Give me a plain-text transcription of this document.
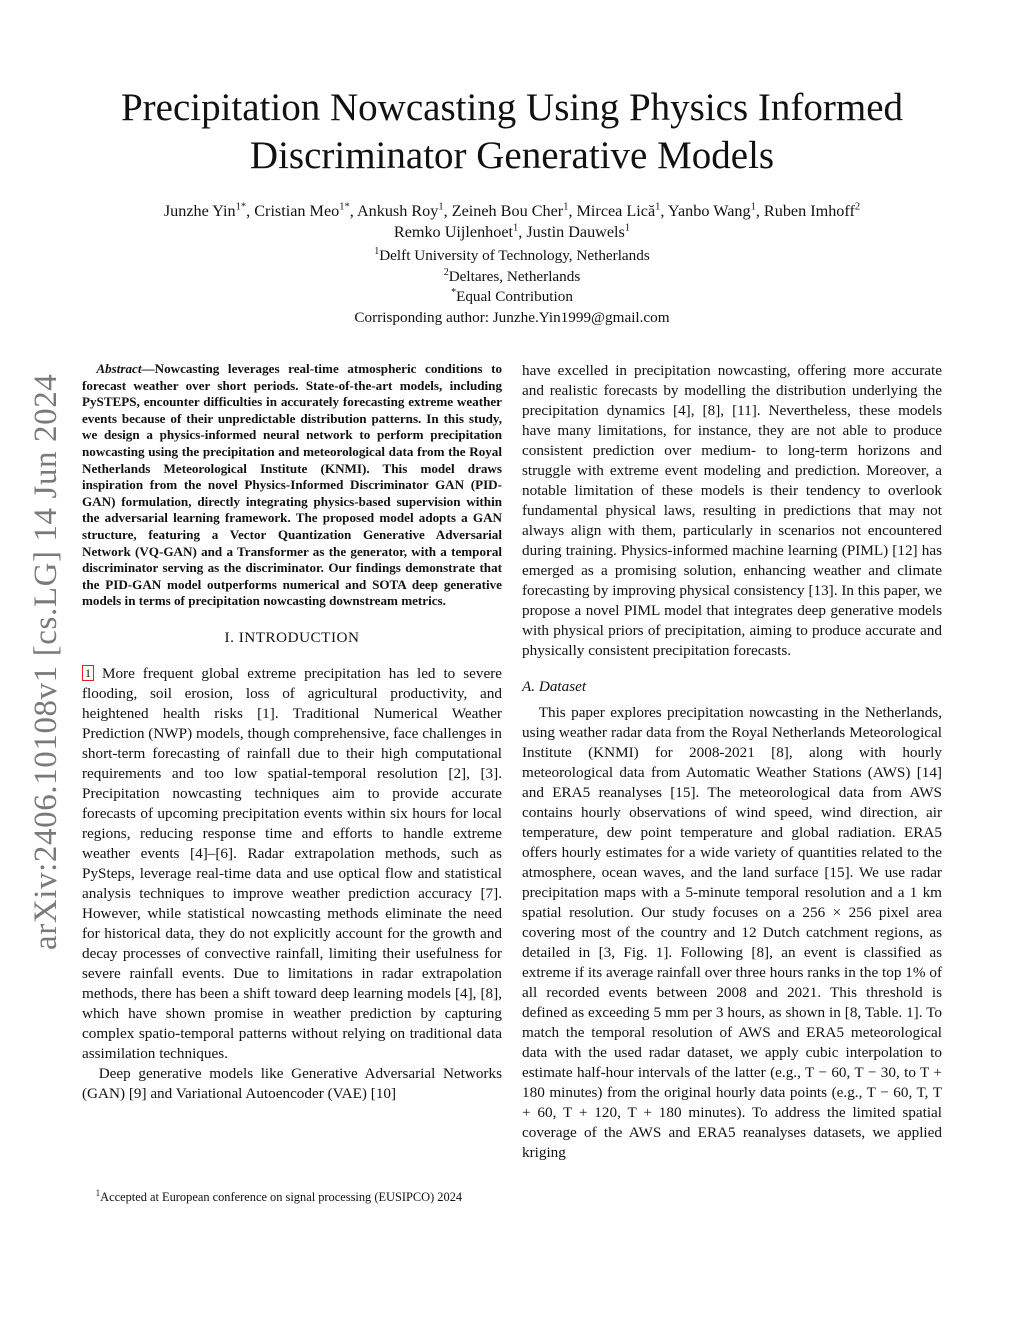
Precipitation Nowcasting Using Physics Informed
Discriminator Generative Models
Junzhe Yin$^{1*}$, Cristian Meo$^{1*}$, Ankush Roy$^1$, Zeineh Bou Cher$^1$, Mircea Lică$^1$, Yanbo Wang$^1$, Ruben Imhoff$^2$
Remko Uijlenhoet$^1$, Justin Dauwels$^1$
$^1$Delft University of Technology, Netherlands
$^2$Deltares, Netherlands
*Equal Contribution
Corrisponding author: Junzhe.Yin1999@gmail.com
arXiv:2406.10108v1 [cs.LG] 14 Jun 2024

Abstract—Nowcasting leverages real-time atmospheric conditions to forecast weather over short periods. State-of-the-art models, including PySTEPS, encounter difficulties in accurately forecasting extreme weather events because of their unpredictable distribution patterns. In this study, we design a physics-informed neural network to perform precipitation nowcasting using the precipitation and meteorological data from the Royal Netherlands Meteorological Institute (KNMI). This model draws inspiration from the novel Physics-Informed Discriminator GAN (PID-GAN) formulation, directly integrating physics-based supervision within the adversarial learning framework. The proposed model adopts a GAN structure, featuring a Vector Quantization Generative Adversarial Network (VQ-GAN) and a Transformer as the generator, with a temporal discriminator serving as the discriminator. Our findings demonstrate that the PID-GAN model outperforms numerical and SOTA deep generative models in terms of precipitation nowcasting downstream metrics.

I. INTRODUCTION

1 More frequent global extreme precipitation has led to severe flooding, soil erosion, loss of agricultural productivity, and heightened health risks [1]. Traditional Numerical Weather Prediction (NWP) models, though comprehensive, face challenges in short-term forecasting of rainfall due to their high computational requirements and too low spatial-temporal resolution [2], [3]. Precipitation nowcasting techniques aim to provide accurate forecasts of upcoming precipitation events within six hours for local regions, reducing response time and efforts to handle extreme weather events [4]–[6]. Radar extrapolation methods, such as PySteps, leverage real-time data and use optical flow and statistical analysis techniques to improve weather prediction accuracy [7]. However, while statistical nowcasting methods eliminate the need for historical data, they do not explicitly account for the growth and decay processes of convective rainfall, limiting their usefulness for severe rainfall events. Due to limitations in radar extrapolation methods, there has been a shift toward deep learning models [4], [8], which have shown promise in weather prediction by capturing complex spatio-temporal patterns without relying on traditional data assimilation techniques.

Deep generative models like Generative Adversarial Networks (GAN) [9] and Variational Autoencoder (VAE) [10]

$^1$Accepted at European conference on signal processing (EUSIPCO) 2024

have excelled in precipitation nowcasting, offering more accurate and realistic forecasts by modelling the distribution underlying the precipitation dynamics [4], [8], [11]. Nevertheless, these models have many limitations, for instance, they are not able to produce consistent prediction over medium- to long-term horizons and struggle with extreme event modeling and prediction. Moreover, a notable limitation of these models is their tendency to overlook fundamental physical laws, resulting in predictions that may not always align with them, particularly in scenarios not encountered during training. Physics-informed machine learning (PIML) [12] has emerged as a promising solution, enhancing weather and climate forecasting by improving physical consistency [13]. In this paper, we propose a novel PIML model that integrates deep generative models with physical priors of precipitation, aiming to produce accurate and physically consistent precipitation forecasts.

A. Dataset

This paper explores precipitation nowcasting in the Netherlands, using weather radar data from the Royal Netherlands Meteorological Institute (KNMI) for 2008-2021 [8], along with hourly meteorological data from Automatic Weather Stations (AWS) [14] and ERA5 reanalyses [15]. The meteorological data from AWS contains hourly observations of wind speed, wind direction, air temperature, dew point temperature and global radiation. ERA5 offers hourly estimates for a wide variety of quantities related to the atmosphere, ocean waves, and the land surface [15]. We use radar precipitation maps with a 5-minute temporal resolution and a 1 km spatial resolution. Our study focuses on a 256 × 256 pixel area covering most of the country and 12 Dutch catchment regions, as detailed in [3, Fig. 1]. Following [8], an event is classified as extreme if its average rainfall over three hours ranks in the top 1% of all recorded events between 2008 and 2021. This threshold is defined as exceeding 5 mm per 3 hours, as shown in [8, Table. 1]. To match the temporal resolution of AWS and ERA5 meteorological data with the used radar dataset, we apply cubic interpolation to estimate half-hour intervals of the latter (e.g., T − 60, T − 30, to T + 180 minutes) from the original hourly data points (e.g., T − 60, T, T + 60, T + 120, T + 180 minutes). To address the limited spatial coverage of the AWS and ERA5 reanalyses datasets, we applied kriging
